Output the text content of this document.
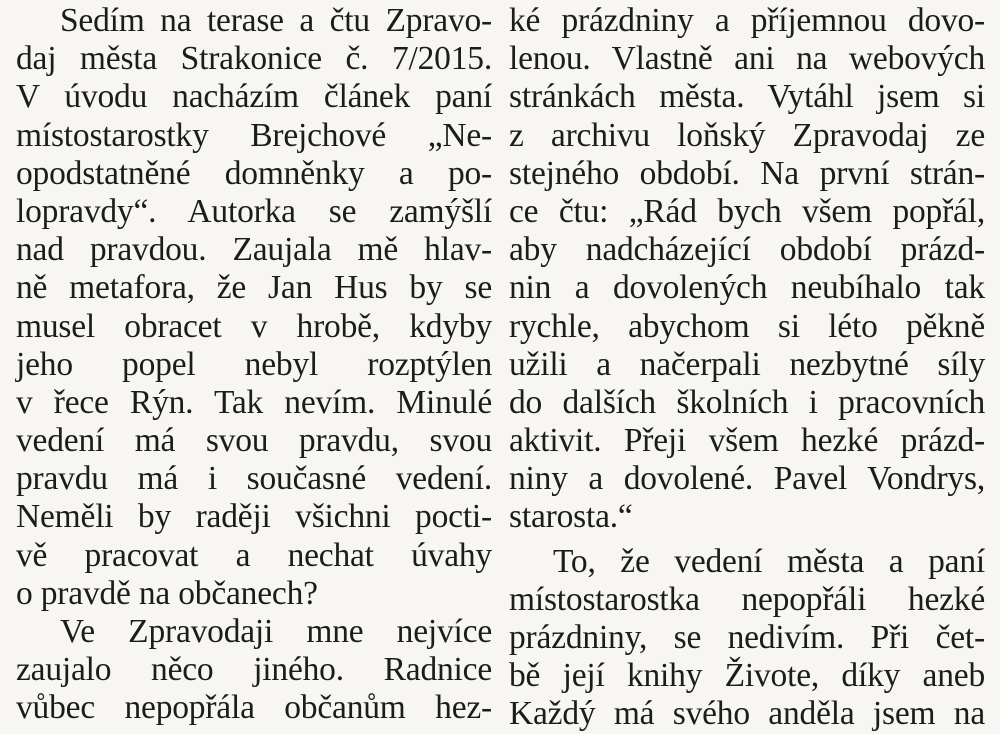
Sedím na terase a čtu Zpravo-
daj města Strakonice č. 7/2015.
V úvodu nacházím článek paní
místostarostky Brejchové „Ne-
opodstatněné domněnky a po-
lopravdy“. Autorka se zamýšlí
nad pravdou. Zaujala mě hlav-
ně metafora, že Jan Hus by se
musel obracet v hrobě, kdyby
jeho popel nebyl rozptýlen
v řece Rýn. Tak nevím. Minulé
vedení má svou pravdu, svou
pravdu má i současné vedení.
Neměli by raději všichni pocti-
vě pracovat a nechat úvahy
o pravdě na občanech?
Ve Zpravodaji mne nejvíce
zaujalo něco jiného. Radnice
vůbec nepopřála občanům hez-
ké prázdniny a příjemnou dovo-
lenou. Vlastně ani na webových
stránkách města. Vytáhl jsem si
z archivu loňský Zpravodaj ze
stejného období. Na první strán-
ce čtu: „Rád bych všem popřál,
aby nadcházející období prázd-
nin a dovolených neubíhalo tak
rychle, abychom si léto pěkně
užili a načerpali nezbytné síly
do dalších školních i pracovních
aktivit. Přeji všem hezké prázd-
niny a dovolené. Pavel Vondrys,
starosta.“
To, že vedení města a paní
místostarostka nepopřáli hezké
prázdniny, se nedivím. Při čet-
bě její knihy Živote, díky aneb
Každý má svého anděla jsem na
